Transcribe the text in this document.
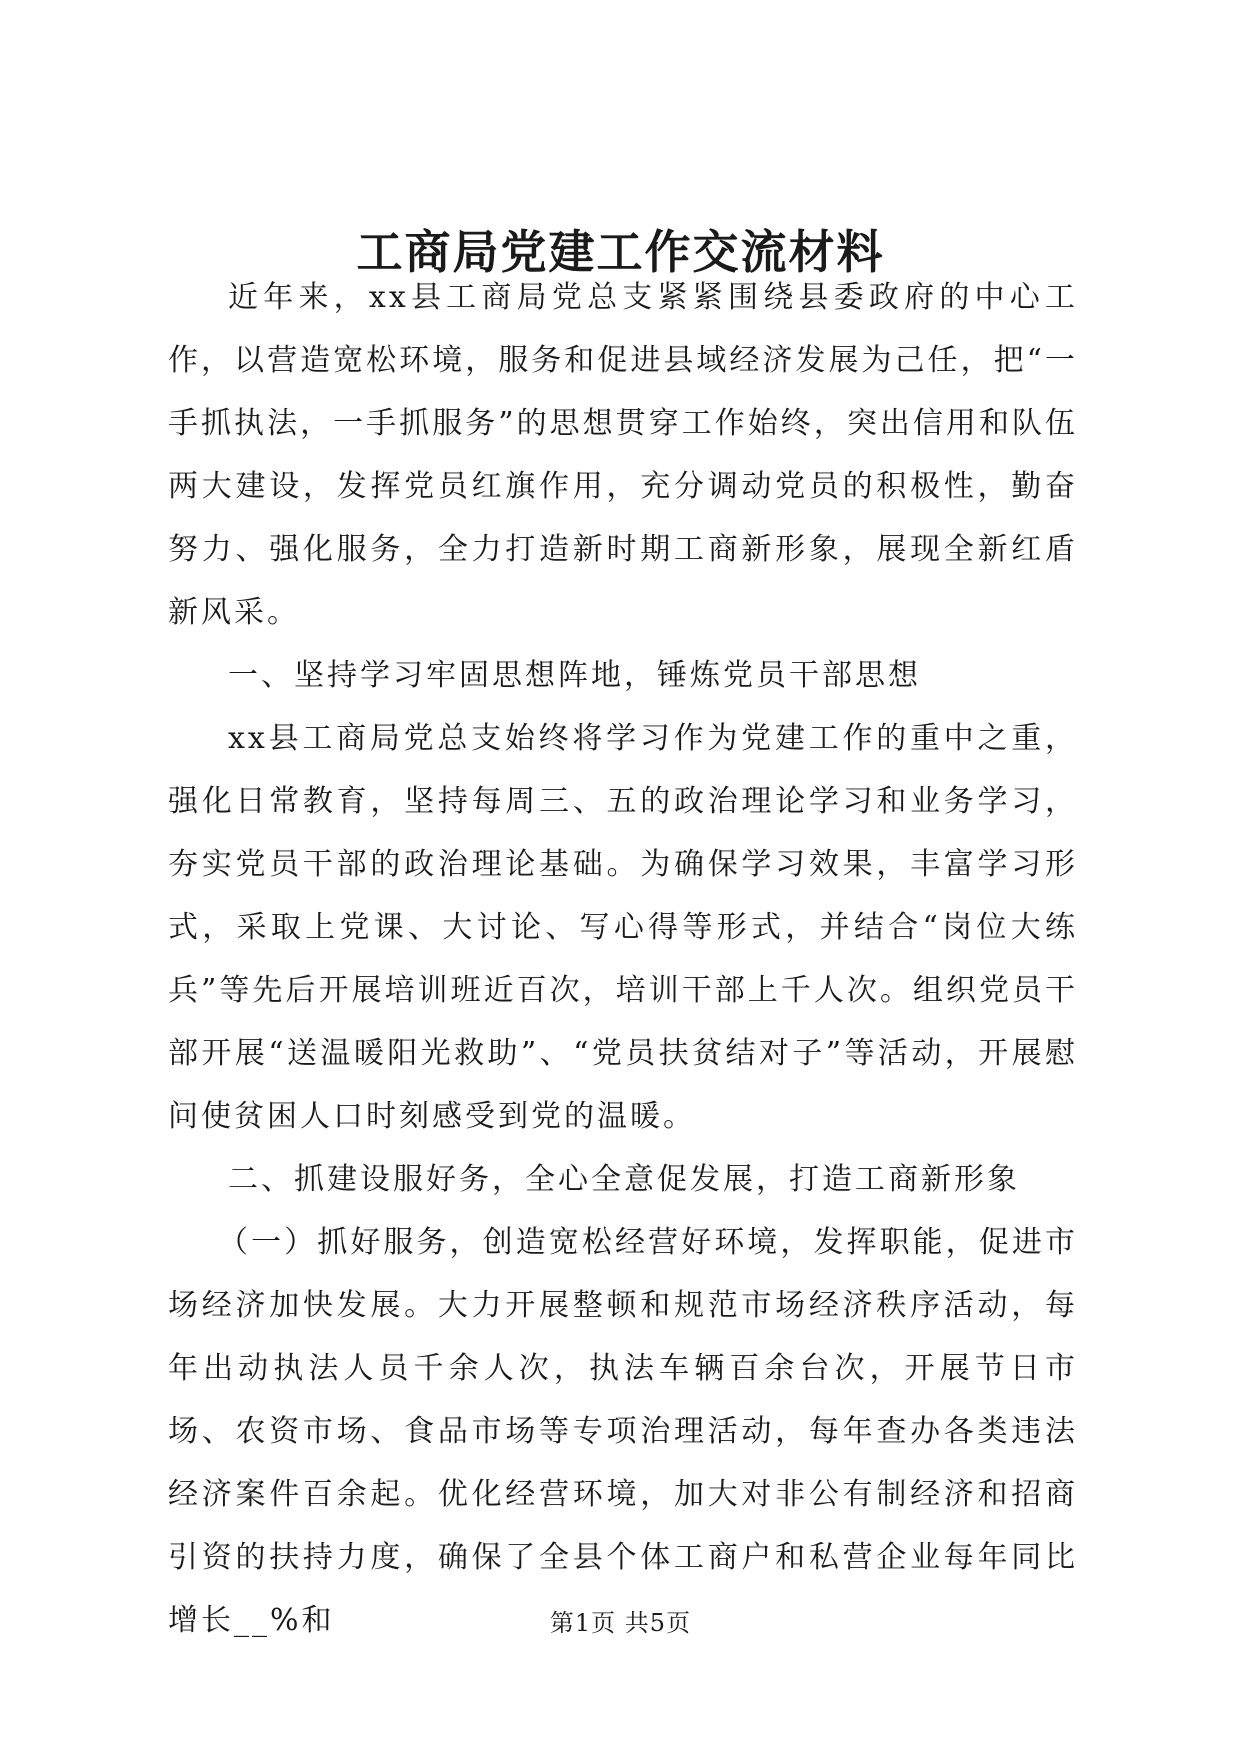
工商局党建工作交流材料

近年来，xx县工商局党总支紧紧围绕县委政府的中心工作，以营造宽松环境，服务和促进县域经济发展为己任，把“一手抓执法，一手抓服务”的思想贯穿工作始终，突出信用和队伍两大建设，发挥党员红旗作用，充分调动党员的积极性，勤奋努力、强化服务，全力打造新时期工商新形象，展现全新红盾新风采。

一、坚持学习牢固思想阵地，锤炼党员干部思想

xx县工商局党总支始终将学习作为党建工作的重中之重，强化日常教育，坚持每周三、五的政治理论学习和业务学习，夯实党员干部的政治理论基础。为确保学习效果，丰富学习形式，采取上党课、大讨论、写心得等形式，并结合“岗位大练兵”等先后开展培训班近百次，培训干部上千人次。组织党员干部开展“送温暖阳光救助”、“党员扶贫结对子”等活动，开展慰问使贫困人口时刻感受到党的温暖。

二、抓建设服好务，全心全意促发展，打造工商新形象

（一）抓好服务，创造宽松经营好环境，发挥职能，促进市场经济加快发展。大力开展整顿和规范市场经济秩序活动，每年出动执法人员千余人次，执法车辆百余台次，开展节日市场、农资市场、食品市场等专项治理活动，每年查办各类违法经济案件百余起。优化经营环境，加大对非公有制经济和招商引资的扶持力度，确保了全县个体工商户和私营企业每年同比增长__%和	第1页 共5页
